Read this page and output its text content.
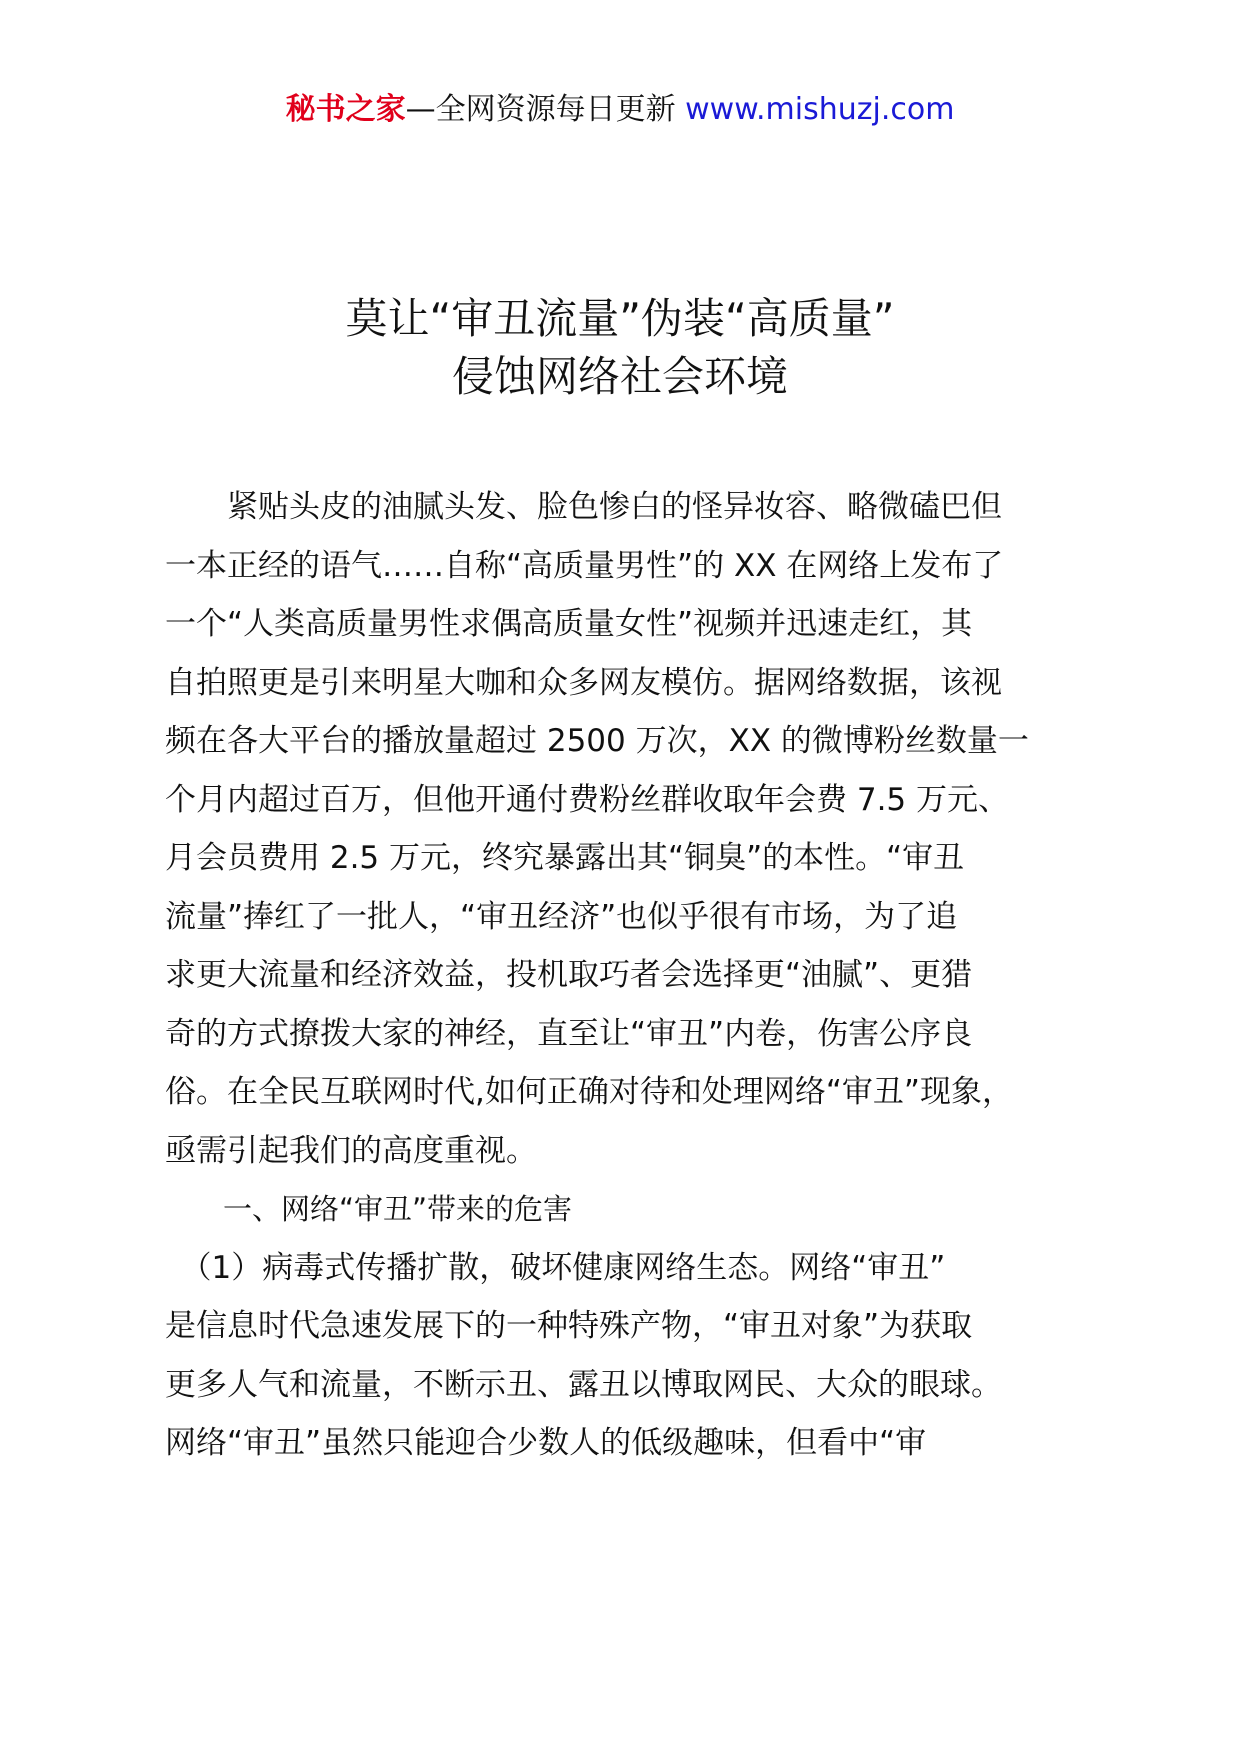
秘书之家—全网资源每日更新 www.mishuzj.com
莫让“审丑流量”伪装“高质量”
侵蚀网络社会环境
　　紧贴头皮的油腻头发、脸色惨白的怪异妆容、略微磕巴但
一本正经的语气……自称“高质量男性”的 XX 在网络上发布了
一个“人类高质量男性求偶高质量女性”视频并迅速走红，其
自拍照更是引来明星大咖和众多网友模仿。据网络数据，该视
频在各大平台的播放量超过 2500 万次，XX 的微博粉丝数量一
个月内超过百万，但他开通付费粉丝群收取年会费 7.5 万元、
月会员费用 2.5 万元，终究暴露出其“铜臭”的本性。“审丑
流量”捧红了一批人，“审丑经济”也似乎很有市场，为了追
求更大流量和经济效益，投机取巧者会选择更“油腻”、更猎
奇的方式撩拨大家的神经，直至让“审丑”内卷，伤害公序良
俗。在全民互联网时代,如何正确对待和处理网络“审丑”现象，
亟需引起我们的高度重视。
　　一、网络“审丑”带来的危害
　（1）病毒式传播扩散，破坏健康网络生态。网络“审丑”
是信息时代急速发展下的一种特殊产物，“审丑对象”为获取
更多人气和流量，不断示丑、露丑以博取网民、大众的眼球。
网络“审丑”虽然只能迎合少数人的低级趣味，但看中“审
